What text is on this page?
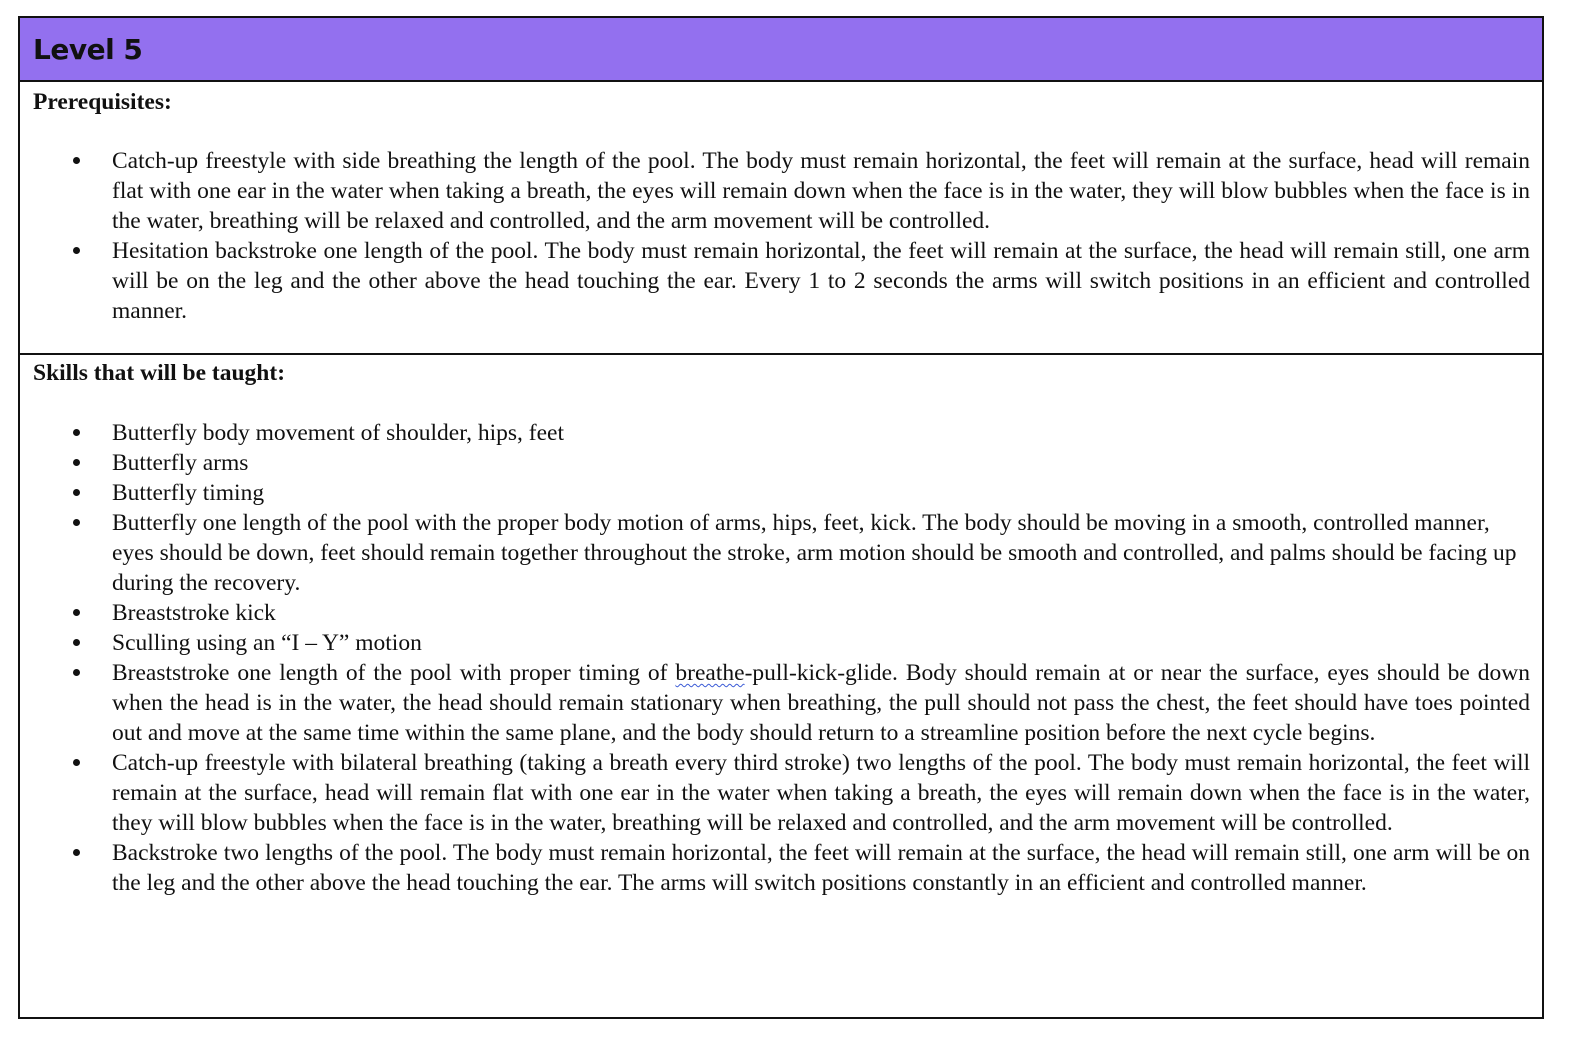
Level 5

Prerequisites:

Catch-up freestyle with side breathing the length of the pool. The body must remain horizontal, the feet will remain at the surface, head will remain flat with one ear in the water when taking a breath, the eyes will remain down when the face is in the water, they will blow bubbles when the face is in the water, breathing will be relaxed and controlled, and the arm movement will be controlled.
Hesitation backstroke one length of the pool. The body must remain horizontal, the feet will remain at the surface, the head will remain still, one arm will be on the leg and the other above the head touching the ear. Every 1 to 2 seconds the arms will switch positions in an efficient and controlled manner.

Skills that will be taught:

Butterfly body movement of shoulder, hips, feet
Butterfly arms
Butterfly timing
Butterfly one length of the pool with the proper body motion of arms, hips, feet, kick. The body should be moving in a smooth, controlled manner, eyes should be down, feet should remain together throughout the stroke, arm motion should be smooth and controlled, and palms should be facing up during the recovery.
Breaststroke kick
Sculling using an “I – Y” motion
Breaststroke one length of the pool with proper timing of breathe-pull-kick-glide. Body should remain at or near the surface, eyes should be down when the head is in the water, the head should remain stationary when breathing, the pull should not pass the chest, the feet should have toes pointed out and move at the same time within the same plane, and the body should return to a streamline position before the next cycle begins.
Catch-up freestyle with bilateral breathing (taking a breath every third stroke) two lengths of the pool. The body must remain horizontal, the feet will remain at the surface, head will remain flat with one ear in the water when taking a breath, the eyes will remain down when the face is in the water, they will blow bubbles when the face is in the water, breathing will be relaxed and controlled, and the arm movement will be controlled.
Backstroke two lengths of the pool. The body must remain horizontal, the feet will remain at the surface, the head will remain still, one arm will be on the leg and the other above the head touching the ear. The arms will switch positions constantly in an efficient and controlled manner.
